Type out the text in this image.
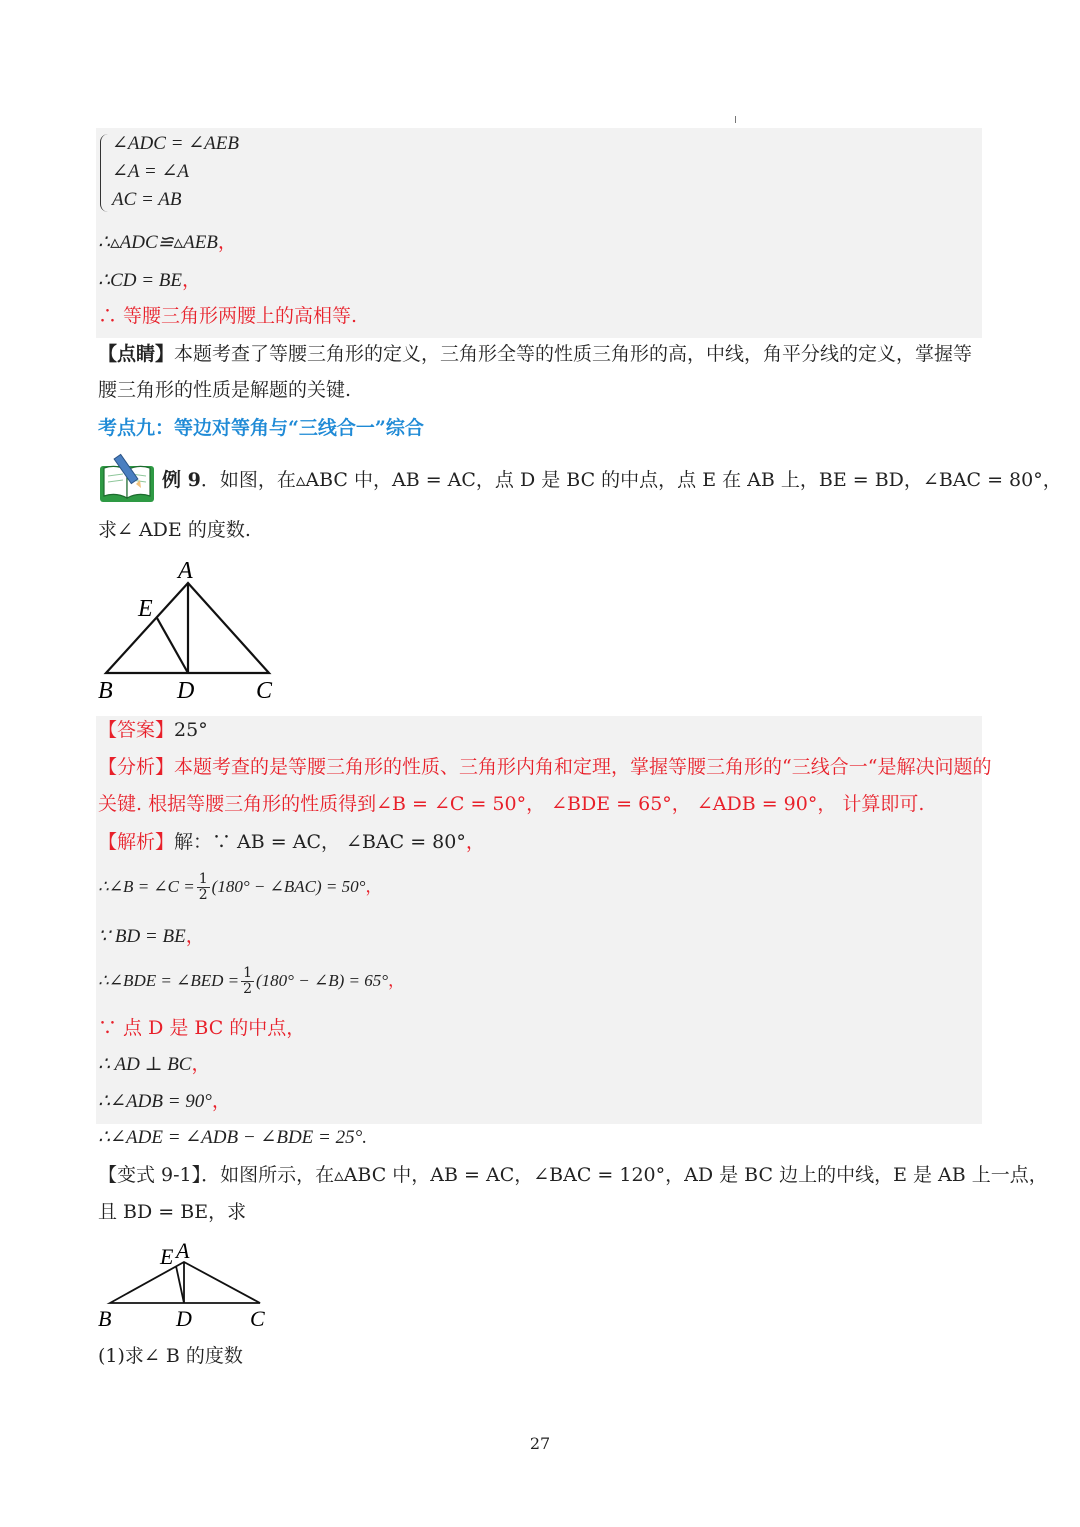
∠ADC = ∠AEB
∠A = ∠A
AC = AB
∴▵ADC≌▵AEB，
∴CD = BE，
∴ 等腰三角形两腰上的高相等.
【点睛】本题考查了等腰三角形的定义，三角形全等的性质三角形的高，中线，角平分线的定义，掌握等
腰三角形的性质是解题的关键.
考点九：等边对等角与“三线合一”综合
例 9．如图，在▵ABC 中，AB = AC，点 D 是 BC 的中点，点 E 在 AB 上，BE = BD，∠BAC = 80°，
求∠ ADE 的度数.
A
E
B	D	C
【答案】25°
【分析】本题考查的是等腰三角形的性质、三角形内角和定理，掌握等腰三角形的“三线合一“是解决问题的
关键. 根据等腰三角形的性质得到∠B = ∠C = 50°， ∠BDE = 65°， ∠ADB = 90°， 计算即可.
【解析】解：∵ AB = AC， ∠BAC = 80°，
∴∠B = ∠C = $\frac{1}{2} (180^\circ$ − ∠BAC) = 50°，
∵ BD = BE，
∴∠BDE = ∠BED = $\frac{1}{2} (180^\circ$ − ∠B) = 65°，
∵ 点 D 是 BC 的中点，
∴ AD ⊥ BC，
∴∠ADB = 90°，
∴∠ADE = ∠ADB − ∠BDE = 25°.
【变式 9-1】．如图所示，在▵ABC 中，AB = AC，∠BAC = 120°，AD 是 BC 边上的中线，E 是 AB 上一点，
且 BD = BE，求
E A
B	D	C
(1)求∠ B 的度数
27
